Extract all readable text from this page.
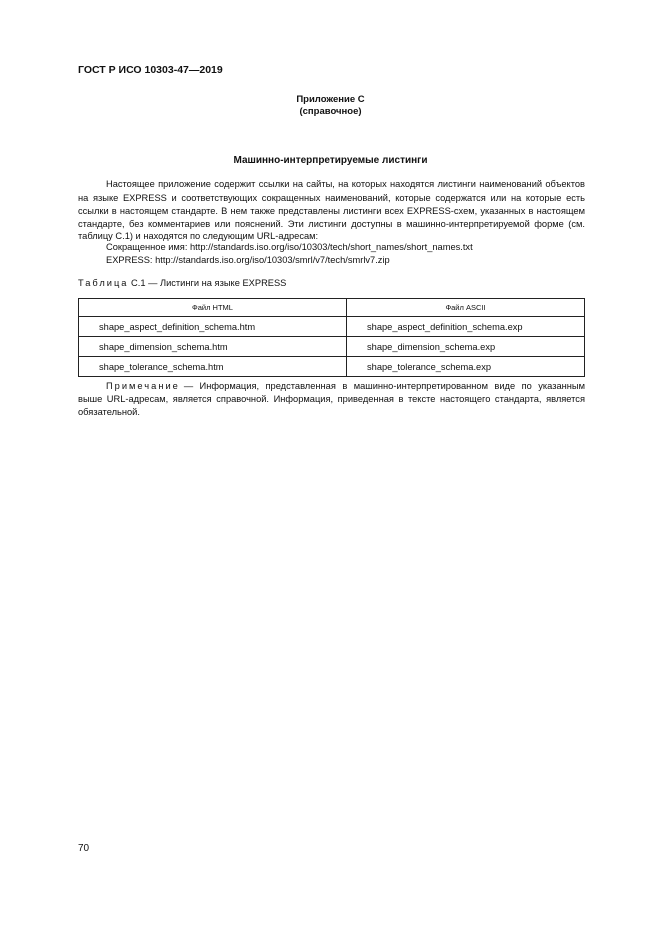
ГОСТ Р ИСО 10303-47—2019
Приложение С
(справочное)
Машинно-интерпретируемые листинги
Настоящее приложение содержит ссылки на сайты, на которых находятся листинги наименований объектов
на языке EXPRESS и соответствующих сокращенных наименований, которые содержатся или на которые есть
ссылки в настоящем стандарте. В нем также представлены листинги всех EXPRESS-схем, указанных в настоящем
стандарте, без комментариев или пояснений. Эти листинги доступны в машинно-интерпретируемой форме (см.
таблицу С.1) и находятся по следующим URL-адресам:
Сокращенное имя: http://standards.iso.org/iso/10303/tech/short_names/short_names.txt
EXPRESS: http://standards.iso.org/iso/10303/smrl/v7/tech/smrlv7.zip
Таблица С.1 — Листинги на языке EXPRESS
Файл HTML	Файл ASCII
shape_aspect_definition_schema.htm	shape_aspect_definition_schema.exp
shape_dimension_schema.htm	shape_dimension_schema.exp
shape_tolerance_schema.htm	shape_tolerance_schema.exp
Примечание — Информация, представленная в машинно-интерпретированном виде по указанным
выше URL-адресам, является справочной. Информация, приведенная в тексте настоящего стандарта, является
обязательной.
70
